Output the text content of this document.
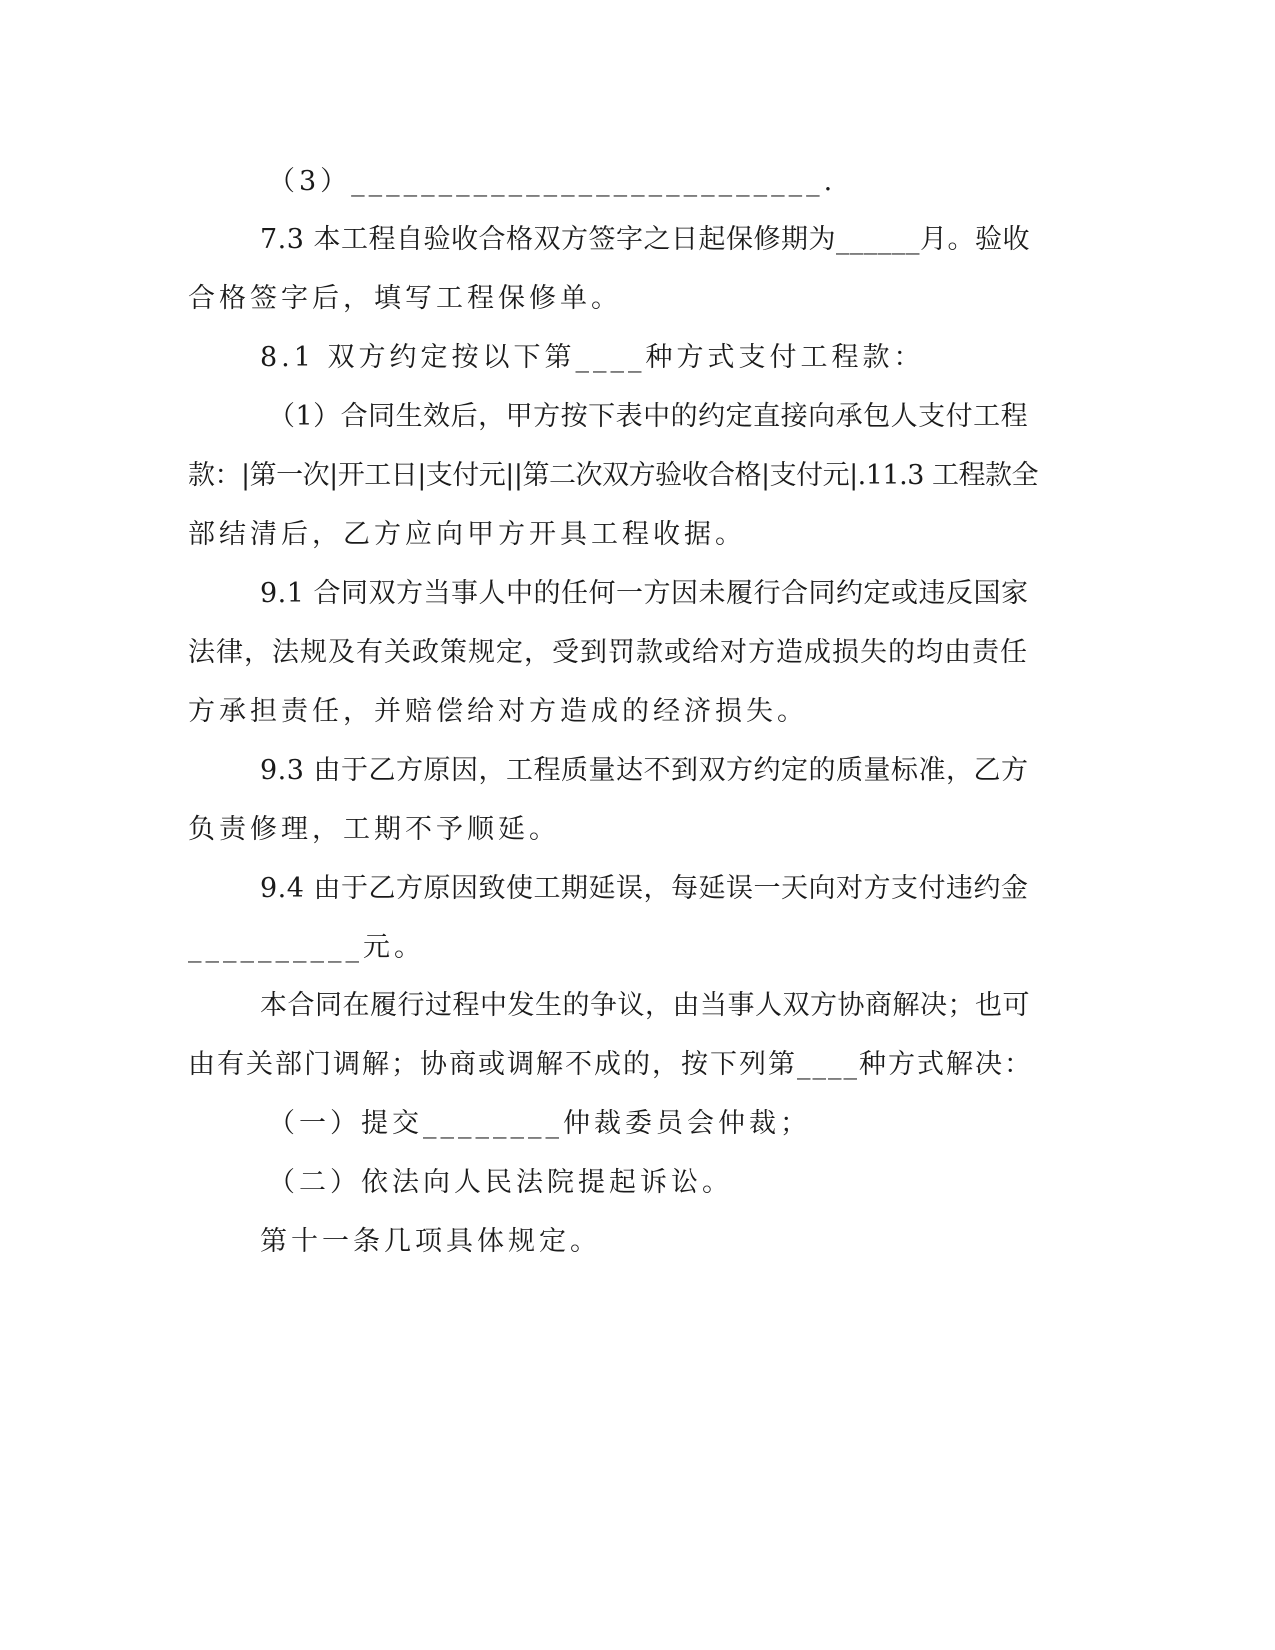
（3）___________________________.
7.3 本工程自验收合格双方签字之日起保修期为______月。验收
合格签字后，填写工程保修单。
8.1 双方约定按以下第____种方式支付工程款：
（1）合同生效后，甲方按下表中的约定直接向承包人支付工程
款：|第一次|开工日|支付元||第二次双方验收合格|支付元|.11.3 工程款全
部结清后，乙方应向甲方开具工程收据。
9.1 合同双方当事人中的任何一方因未履行合同约定或违反国家
法律，法规及有关政策规定，受到罚款或给对方造成损失的均由责任
方承担责任，并赔偿给对方造成的经济损失。
9.3 由于乙方原因，工程质量达不到双方约定的质量标准，乙方
负责修理，工期不予顺延。
9.4 由于乙方原因致使工期延误，每延误一天向对方支付违约金
__________元。
本合同在履行过程中发生的争议，由当事人双方协商解决；也可
由有关部门调解；协商或调解不成的，按下列第____种方式解决：
（一）提交________仲裁委员会仲裁；
（二）依法向人民法院提起诉讼。
第十一条几项具体规定。
